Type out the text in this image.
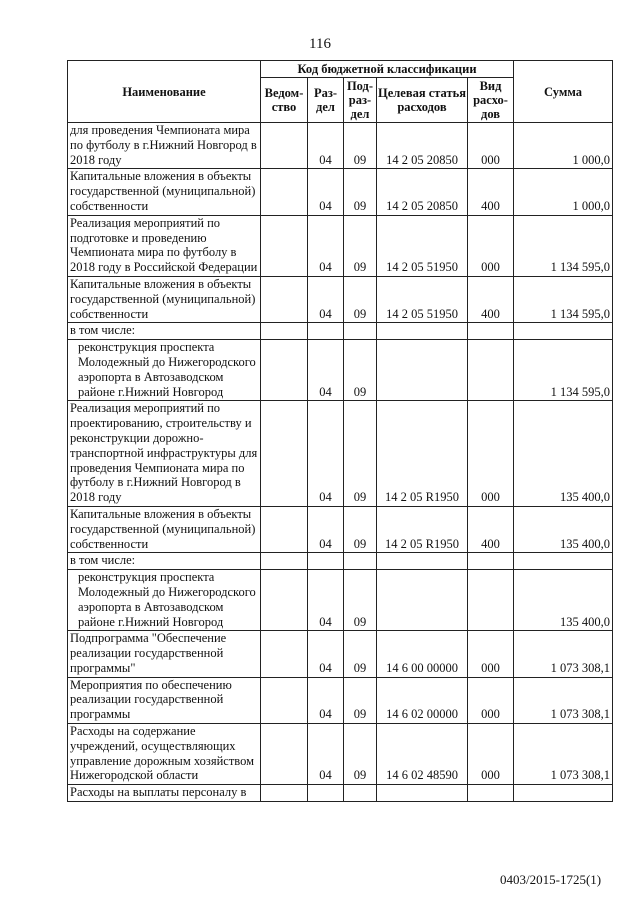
116
Наименование	Код бюджетной классификации					Сумма
	Ведом-ство	Раз-дел	Под-раз-дел	Целевая статья расходов	Вид расхо-дов	
для проведения Чемпионата мира по футболу в г.Нижний Новгород в 2018 году		04	09	14 2 05 20850	000	1 000,0
Капитальные вложения в объекты государственной (муниципальной) собственности		04	09	14 2 05 20850	400	1 000,0
Реализация мероприятий по подготовке и проведению Чемпионата мира по футболу в 2018 году в Российской Федерации		04	09	14 2 05 51950	000	1 134 595,0
Капитальные вложения в объекты государственной (муниципальной) собственности		04	09	14 2 05 51950	400	1 134 595,0
в том числе:						
реконструкция проспекта Молодежный до Нижегородского аэропорта в Автозаводском районе г.Нижний Новгород		04	09			1 134 595,0
Реализация мероприятий по проектированию, строительству и реконструкции дорожно-транспортной инфраструктуры для проведения Чемпионата мира по футболу в г.Нижний Новгород в 2018 году		04	09	14 2 05 R1950	000	135 400,0
Капитальные вложения в объекты государственной (муниципальной) собственности		04	09	14 2 05 R1950	400	135 400,0
в том числе:						
реконструкция проспекта Молодежный до Нижегородского аэропорта в Автозаводском районе г.Нижний Новгород		04	09			135 400,0
Подпрограмма "Обеспечение реализации государственной программы"		04	09	14 6 00 00000	000	1 073 308,1
Мероприятия по обеспечению реализации государственной программы		04	09	14 6 02 00000	000	1 073 308,1
Расходы на содержание учреждений, осуществляющих управление дорожным хозяйством Нижегородской области		04	09	14 6 02 48590	000	1 073 308,1
Расходы на выплаты персоналу в						
0403/2015-1725(1)
